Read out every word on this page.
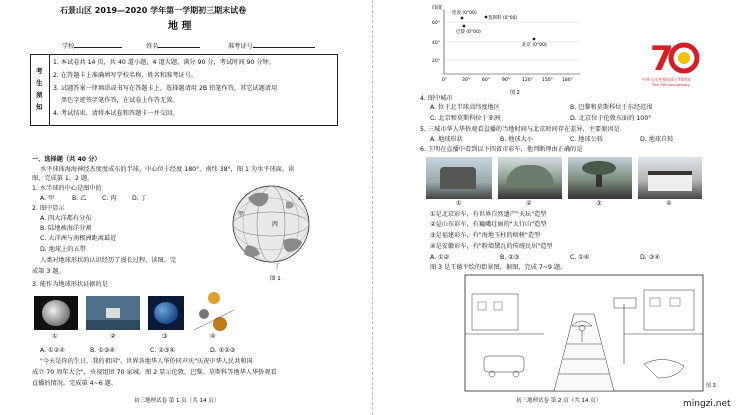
石景山区 2019—2020 学年第一学期初三期末试卷
地 理
学校	姓名	准考证号
考
生
须
知
1. 本试卷共 14 页，共 40 道小题，4 道大题，满分 90 分，考试时间 90 分钟。
2. 在答题卡上准确填写学校名称、姓名和准考证号。
3. 试题答案一律填涂或书写在答题卡上，选择题请用 2B 铅笔作答，其它试题请用
黑色字迹签字笔作答，在试卷上作答无效。
4. 考试结束，请将本试卷和答题卡一并交回。
一、选择题（共 40 分）
水平球体海海神经杰度度成东的半球，中心位于经度 180°，南纬 38°，图 1 为水平球面。读
图，完成第 1、2 题。
1. 水半球的中心是图中的
A. 甲	B. 乙	C. 丙	D. 丁
2. 图中显示
A. 四大洋都有分布
B. 陆地被海洋分割
C. 大洋洲与南极洲距离最近
D. 地球上的五带
人类对地球形状的认识经历了漫长过程，读图，完
成第 3 题。
3. 能作为地球形状证据的是
甲
乙
丙
丁
图 1
①	②	③	④
A. ①②④	B. ①③④	C. ②③④	D. ①②③
"今天是你的生日，我的祖国"，世界各地华人华侨同声庆"庆祝中华人民共和国
成立 70 周年大会"，央视组团 70 家城。图 2 显示伦敦、巴黎、莫斯科等地华人华侨观看
直播的情况。完成第 4~6 题。
初三地理试卷 第 1 页（共 14 页）
纬度
60°
40°
20°
伦敦 (0°00)
巴黎 (0°00)
莫斯科 (0°00)
北京 (0°00)
0°	30°	60°	90°	120° 150° 180°
图 2
7
中华人民共和国成立70周年
The 70th Anniversary
4. 图中城市
A. 位于北半球高纬度地区	B. 巴黎和莫斯科位于东经范围
C. 北京和莫斯科位于亚洲	D. 北京位于伦敦东面的 100°
5. 三城市华人华侨观看直播的当地时间与北京时间存在差异，主要原因是
A. 地球形状	B. 地球大小	C. 地球公转	D. 地球自转
6. 王明在直播中看到以下四省市彩车，他判断理由正确的是
①	②	③	④
①是北京彩车，有世界自然遗产"天坛"造型
②是山东彩车，有巍峨壮丽的"太行山"造型
③是福建彩车，有"海地玉柱的榕树"造型
④是安徽彩车，有"粉墙黛瓦的传统民居"造型
A. ①②	B. ②③	C. ①④	D. ③④
图 3 是王德平绘的街景图，据图，完成 7~9 题。
图 3
初三地理试卷 第 2 页（共 14 页）	mingzi.net
